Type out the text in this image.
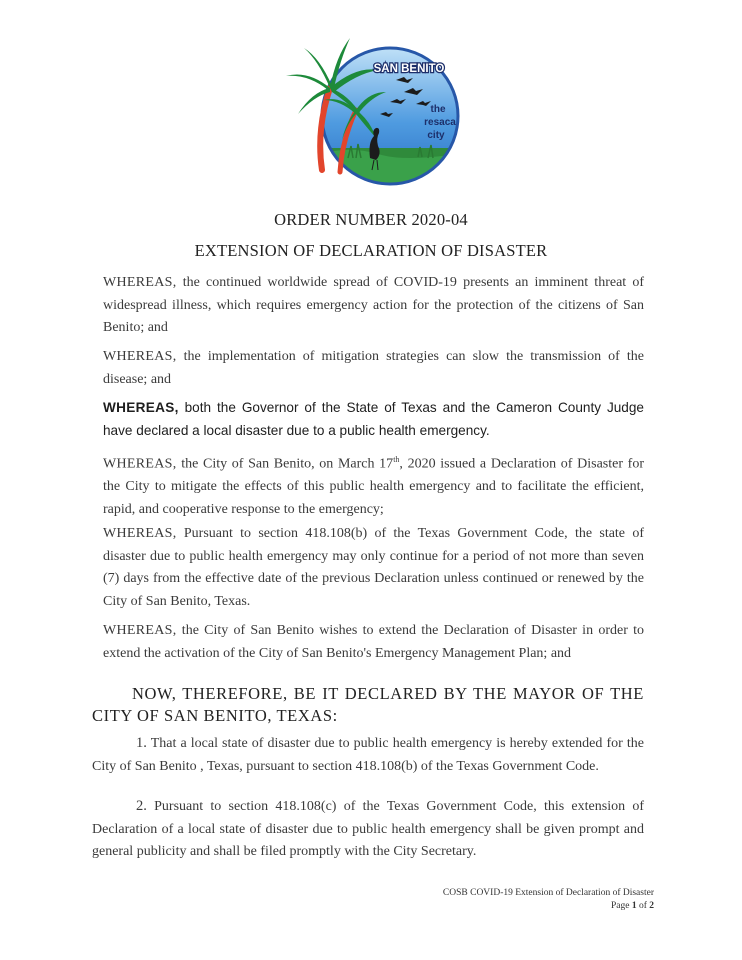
SAN BENITO
the
resaca
city
ORDER NUMBER 2020-04
EXTENSION OF DECLARATION OF DISASTER
WHEREAS, the continued worldwide spread of COVID-19 presents an imminent threat of widespread illness, which requires emergency action for the protection of the citizens of San Benito; and
WHEREAS, the implementation of mitigation strategies can slow the transmission of the disease; and
WHEREAS, both the Governor of the State of Texas and the Cameron County Judge have declared a local disaster due to a public health emergency.
WHEREAS, the City of San Benito, on March 17th, 2020 issued a Declaration of Disaster for the City to mitigate the effects of this public health emergency and to facilitate the efficient, rapid, and cooperative response to the emergency;
WHEREAS, Pursuant to section 418.108(b) of the Texas Government Code, the state of disaster due to public health emergency may only continue for a period of not more than seven (7) days from the effective date of the previous Declaration unless continued or renewed by the City of San Benito, Texas.
WHEREAS, the City of San Benito wishes to extend the Declaration of Disaster in order to extend the activation of the City of San Benito's Emergency Management Plan; and
NOW, THEREFORE, BE IT DECLARED BY THE MAYOR OF THE CITY OF SAN BENITO, TEXAS:
1. That a local state of disaster due to public health emergency is hereby extended for the City of San Benito , Texas, pursuant to section 418.108(b) of the Texas Government Code.
2. Pursuant to section 418.108(c) of the Texas Government Code, this extension of Declaration of a local state of disaster due to public health emergency shall be given prompt and general publicity and shall be filed promptly with the City Secretary.
COSB COVID-19 Extension of Declaration of Disaster
Page 1 of 2
